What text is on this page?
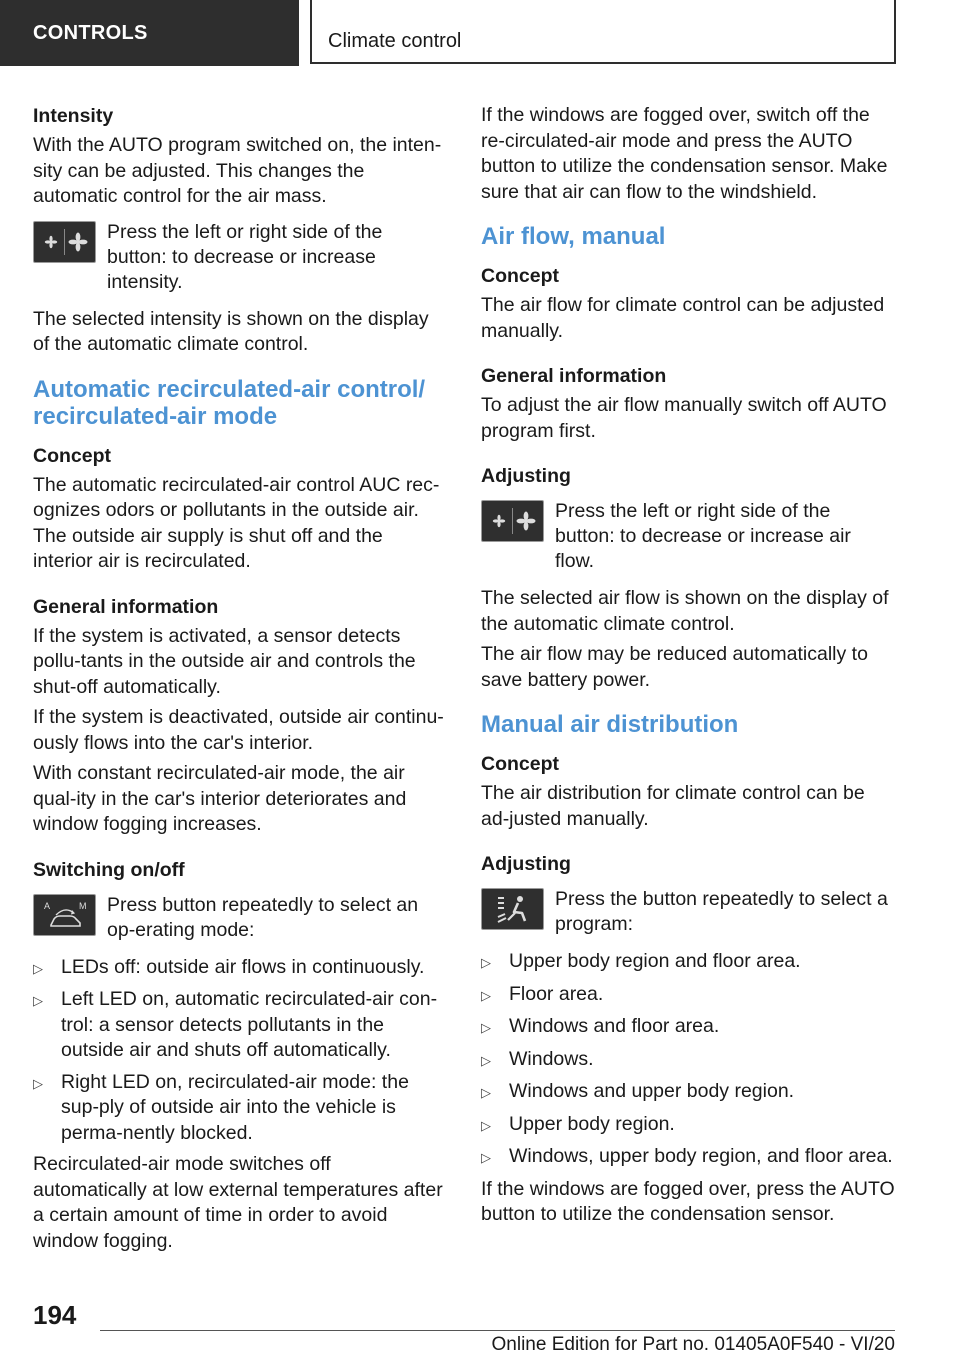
CONTROLS	Climate control
Intensity

With the AUTO program switched on, the inten-sity can be adjusted. This changes the automatic control for the air mass.

Press the left or right side of the button: to decrease or increase intensity.

The selected intensity is shown on the display of the automatic climate control.

Automatic recirculated-air control/ recirculated-air mode
Concept

The automatic recirculated-air control AUC rec-ognizes odors or pollutants in the outside air. The outside air supply is shut off and the interior air is recirculated.

General information

If the system is activated, a sensor detects pollu-tants in the outside air and controls the shut-off automatically.

If the system is deactivated, outside air continu-ously flows into the car's interior.

With constant recirculated-air mode, the air qual-ity in the car's interior deteriorates and window fogging increases.

Switching on/off
A	M Press button repeatedly to select an op-erating mode:
▷ LEDs off: outside air flows in continuously.
▷ Left LED on, automatic recirculated-air con-trol: a sensor detects pollutants in the outside air and shuts off automatically.
▷ Right LED on, recirculated-air mode: the sup-ply of outside air into the vehicle is perma-nently blocked.

Recirculated-air mode switches off automatically at low external temperatures after a certain amount of time in order to avoid window fogging.

If the windows are fogged over, switch off the re-circulated-air mode and press the AUTO button to utilize the condensation sensor. Make sure that air can flow to the windshield.

Air flow, manual
Concept

The air flow for climate control can be adjusted manually.

General information

To adjust the air flow manually switch off AUTO program first.

Adjusting
Press the left or right side of the button: to decrease or increase air flow.

The selected air flow is shown on the display of the automatic climate control.

The air flow may be reduced automatically to save battery power.

Manual air distribution
Concept

The air distribution for climate control can be ad-justed manually.

Adjusting
Press the button repeatedly to select a program:
▷ Upper body region and floor area.
▷ Floor area.
▷ Windows and floor area.
▷ Windows.
▷ Windows and upper body region.
▷ Upper body region.
▷ Windows, upper body region, and floor area.

If the windows are fogged over, press the AUTO button to utilize the condensation sensor.

194
Online Edition for Part no. 01405A0F540 - VI/20
